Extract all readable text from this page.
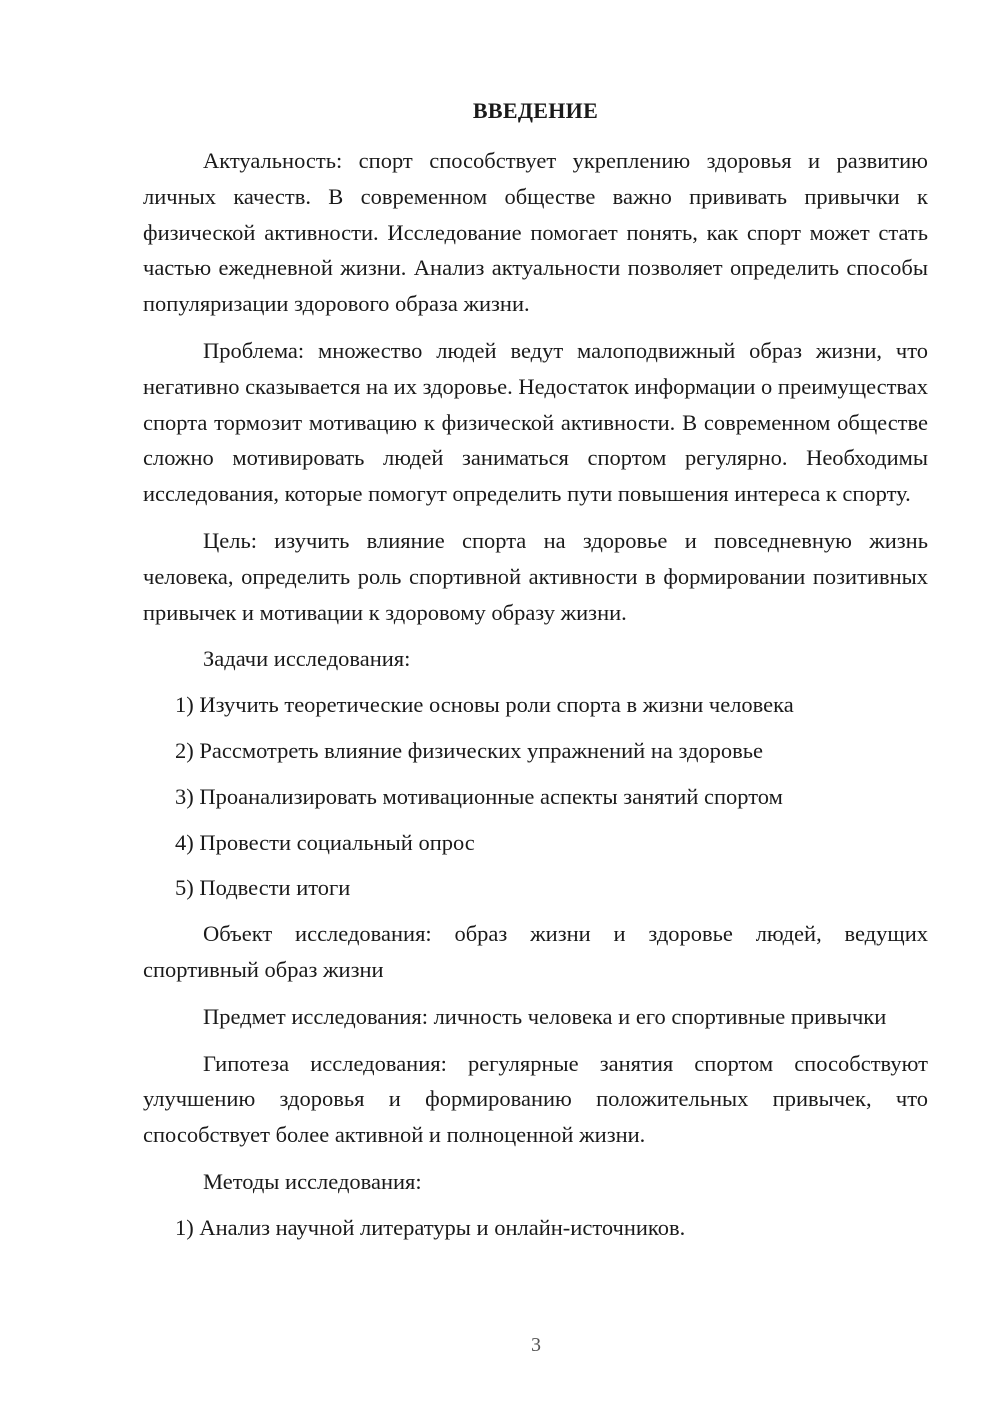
ВВЕДЕНИЕ

Актуальность: спорт способствует укреплению здоровья и развитию личных качеств. В современном обществе важно прививать привычки к физической активности. Исследование помогает понять, как спорт может стать частью ежедневной жизни. Анализ актуальности позволяет определить способы популяризации здорового образа жизни.

Проблема: множество людей ведут малоподвижный образ жизни, что негативно сказывается на их здоровье. Недостаток информации о преимуществах спорта тормозит мотивацию к физической активности. В современном обществе сложно мотивировать людей заниматься спортом регулярно. Необходимы исследования, которые помогут определить пути повышения интереса к спорту.

Цель: изучить влияние спорта на здоровье и повседневную жизнь человека, определить роль спортивной активности в формировании позитивных привычек и мотивации к здоровому образу жизни.

Задачи исследования:

1) Изучить теоретические основы роли спорта в жизни человека

2) Рассмотреть влияние физических упражнений на здоровье

3) Проанализировать мотивационные аспекты занятий спортом

4) Провести социальный опрос

5) Подвести итоги

Объект исследования: образ жизни и здоровье людей, ведущих спортивный образ жизни

Предмет исследования: личность человека и его спортивные привычки

Гипотеза исследования: регулярные занятия спортом способствуют улучшению здоровья и формированию положительных привычек, что способствует более активной и полноценной жизни.

Методы исследования:

1) Анализ научной литературы и онлайн-источников.

3
